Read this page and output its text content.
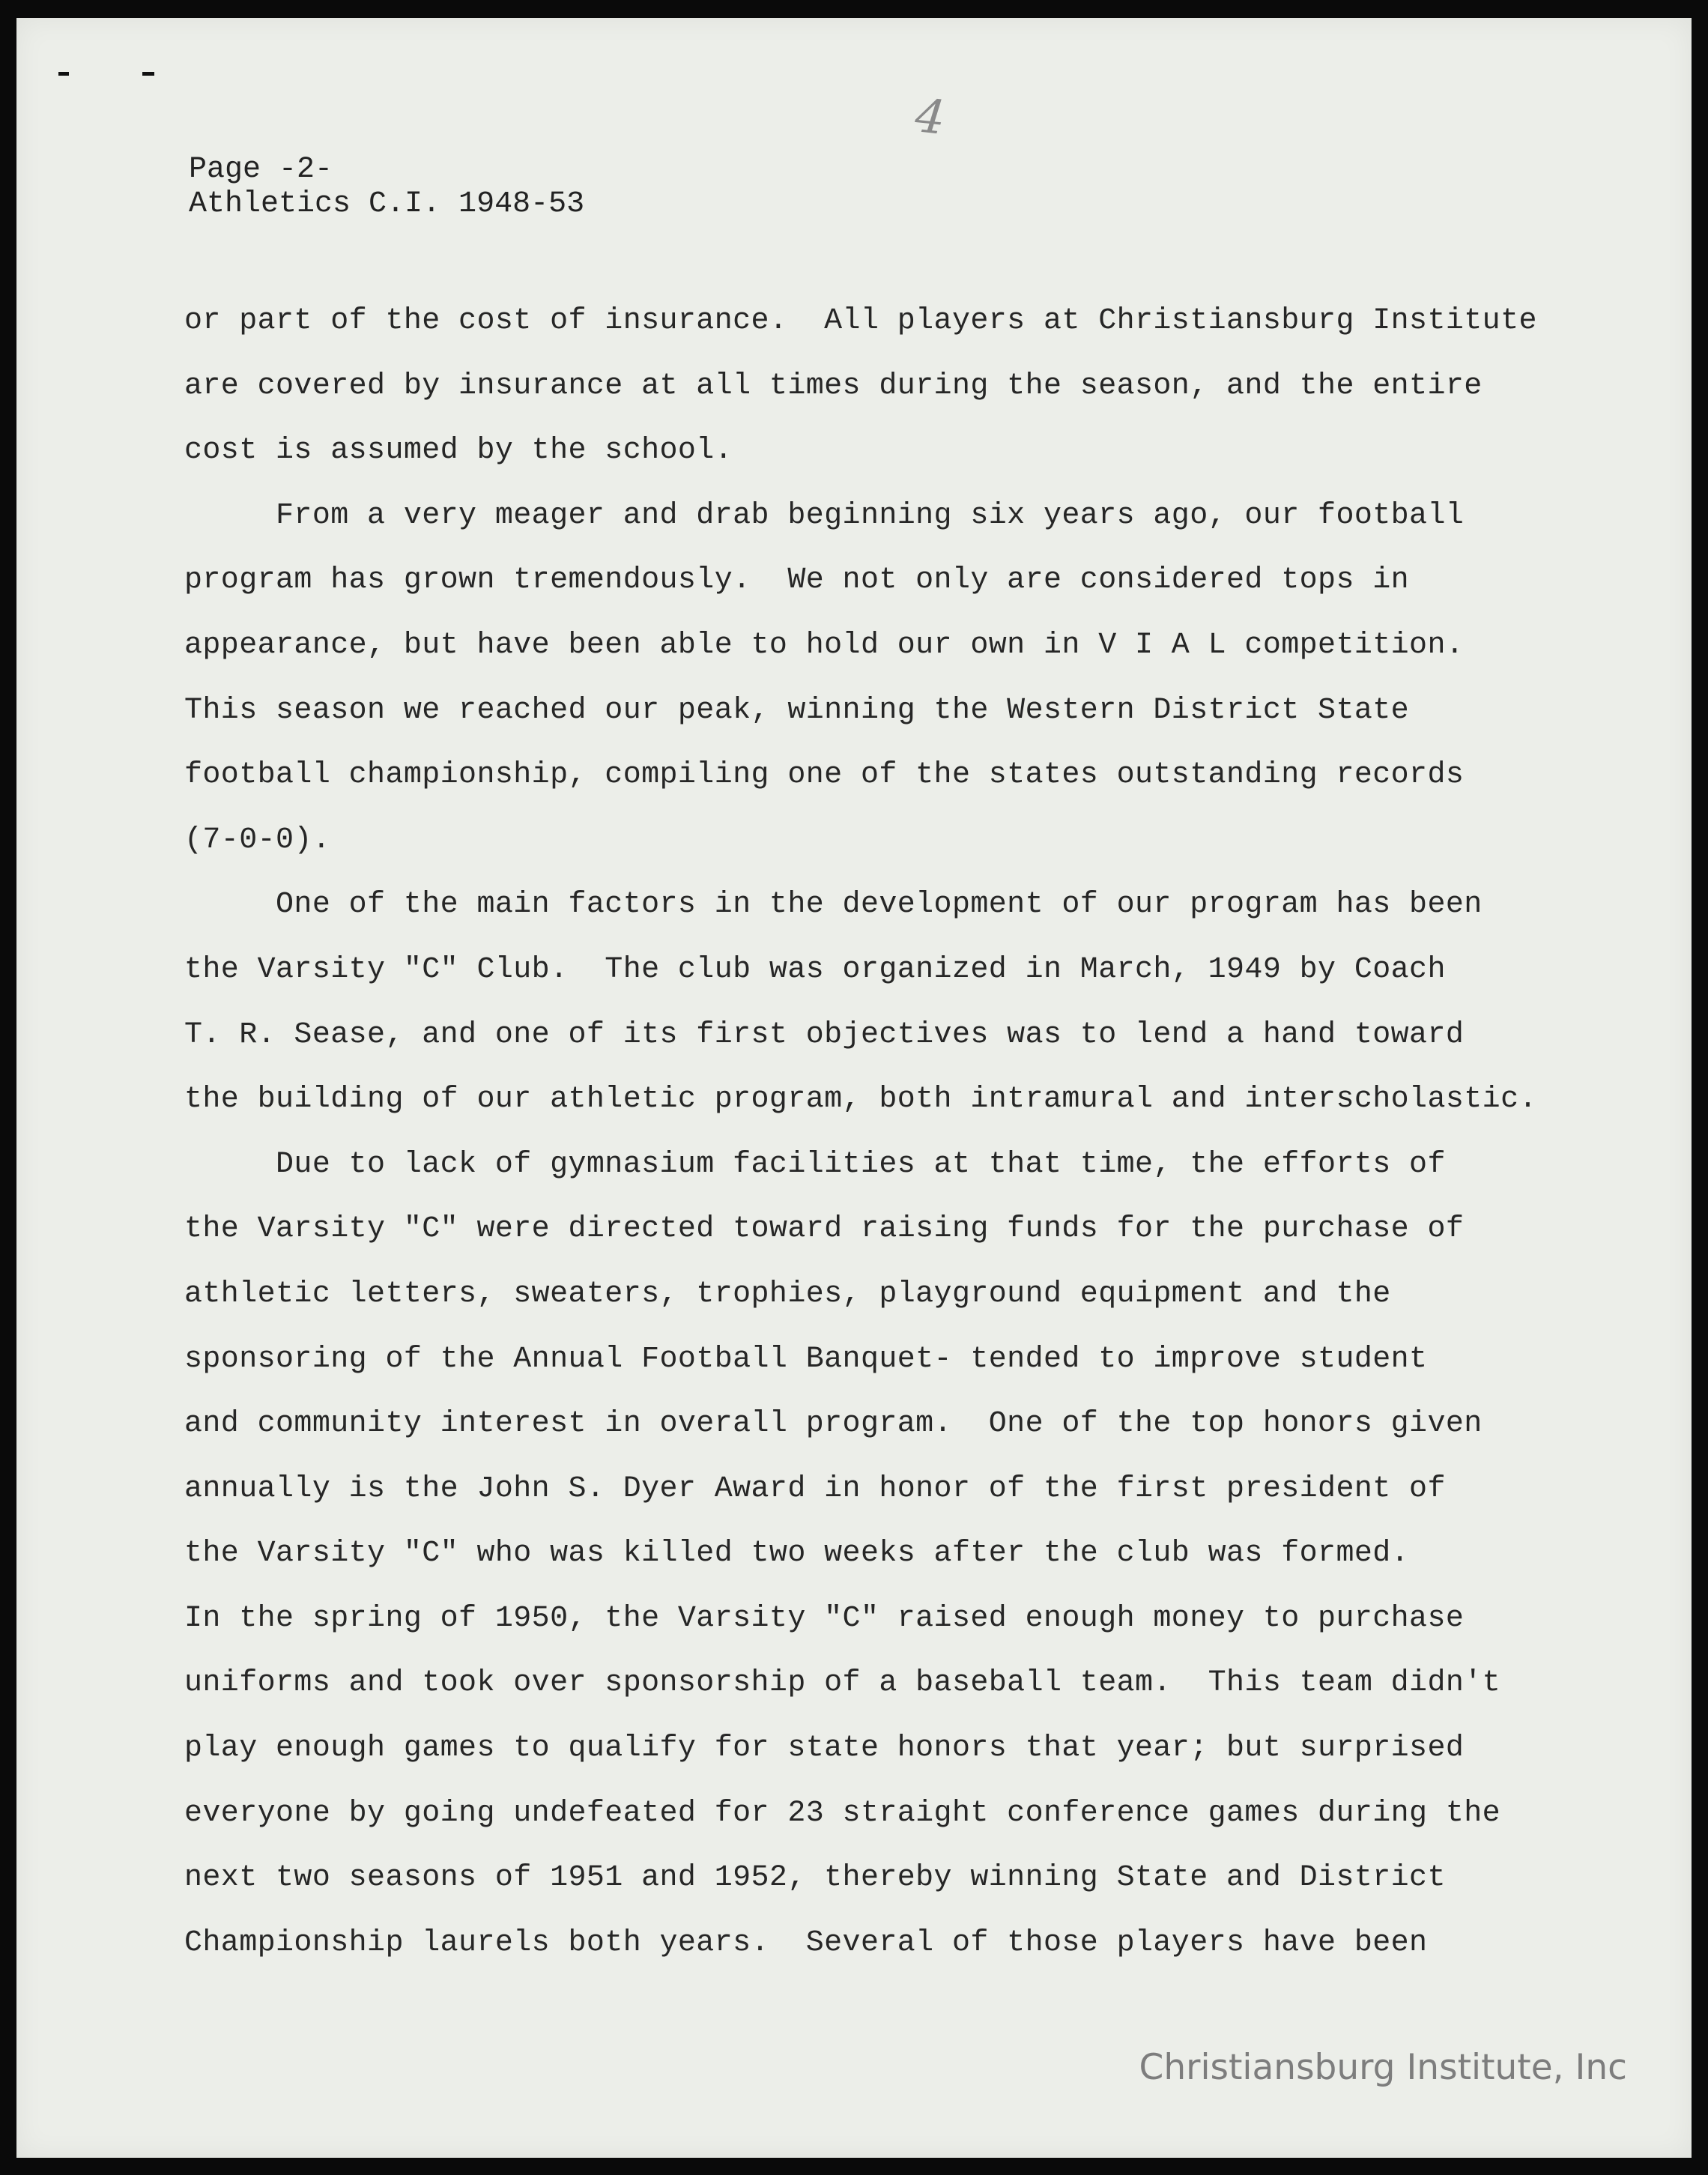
4
Page -2-
Athletics C.I. 1948-53
or part of the cost of insurance.  All players at Christiansburg Institute
are covered by insurance at all times during the season, and the entire
cost is assumed by the school.
From a very meager and drab beginning six years ago, our football
program has grown tremendously.  We not only are considered tops in
appearance, but have been able to hold our own in V I A L competition.
This season we reached our peak, winning the Western District State
football championship, compiling one of the states outstanding records
(7-0-0).
One of the main factors in the development of our program has been
the Varsity "C" Club.  The club was organized in March, 1949 by Coach
T. R. Sease, and one of its first objectives was to lend a hand toward
the building of our athletic program, both intramural and interscholastic.
Due to lack of gymnasium facilities at that time, the efforts of
the Varsity "C" were directed toward raising funds for the purchase of
athletic letters, sweaters, trophies, playground equipment and the
sponsoring of the Annual Football Banquet- tended to improve student
and community interest in overall program.  One of the top honors given
annually is the John S. Dyer Award in honor of the first president of
the Varsity "C" who was killed two weeks after the club was formed.
In the spring of 1950, the Varsity "C" raised enough money to purchase
uniforms and took over sponsorship of a baseball team.  This team didn't
play enough games to qualify for state honors that year; but surprised
everyone by going undefeated for 23 straight conference games during the
next two seasons of 1951 and 1952, thereby winning State and District
Championship laurels both years.  Several of those players have been
Christiansburg Institute, Inc
